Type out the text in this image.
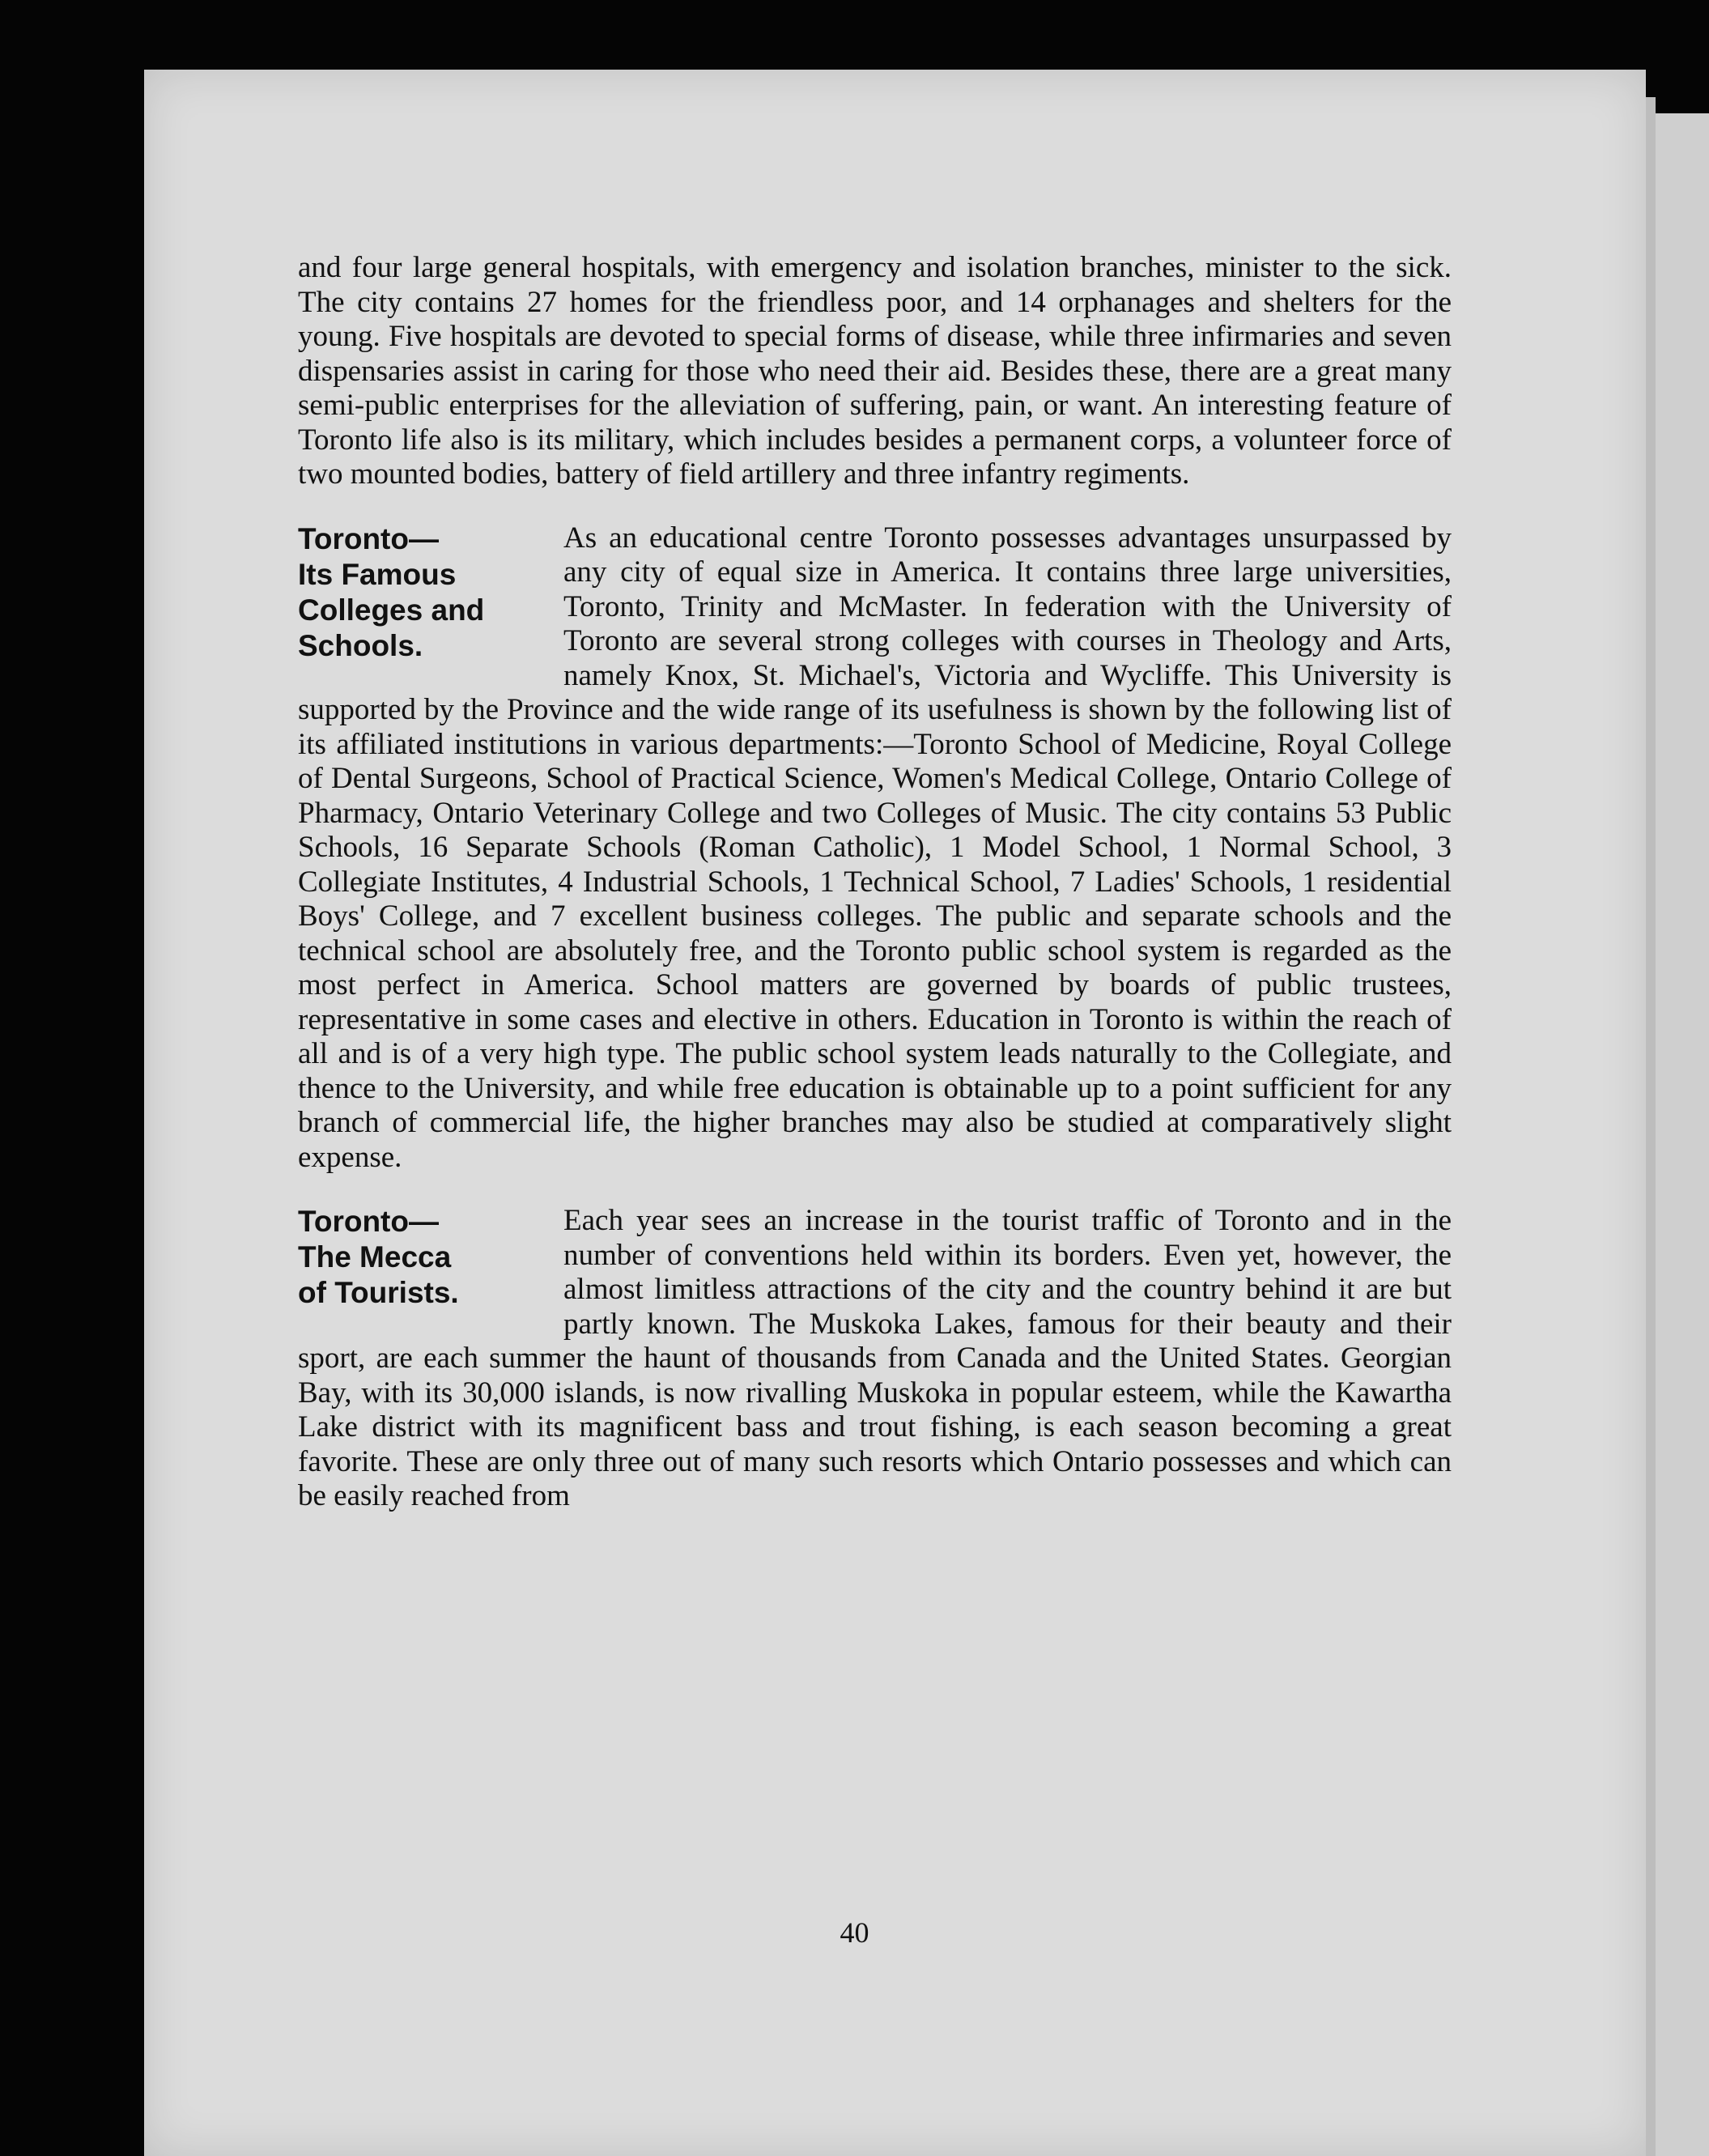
and four large general hospitals, with emergency and isolation branches, minister to the sick. The city contains 27 homes for the friendless poor, and 14 orphanages and shelters for the young. Five hospitals are devoted to special forms of disease, while three infirmaries and seven dispensaries assist in caring for those who need their aid. Besides these, there are a great many semi-public enterprises for the alleviation of suffering, pain, or want. An interesting feature of Toronto life also is its military, which includes besides a permanent corps, a volunteer force of two mounted bodies, battery of field artillery and three infantry regiments.

Toronto—
Its Famous
Colleges and
Schools.

As an educational centre Toronto possesses advantages unsurpassed by any city of equal size in America. It contains three large universities, Toronto, Trinity and McMaster. In federation with the University of Toronto are several strong colleges with courses in Theology and Arts, namely Knox, St. Michael's, Victoria and Wycliffe. This University is supported by the Province and the wide range of its usefulness is shown by the following list of its affiliated institutions in various departments:—Toronto School of Medicine, Royal College of Dental Surgeons, School of Practical Science, Women's Medical College, Ontario College of Pharmacy, Ontario Veterinary College and two Colleges of Music. The city contains 53 Public Schools, 16 Separate Schools (Roman Catholic), 1 Model School, 1 Normal School, 3 Collegiate Institutes, 4 Industrial Schools, 1 Technical School, 7 Ladies' Schools, 1 residential Boys' College, and 7 excellent business colleges. The public and separate schools and the technical school are absolutely free, and the Toronto public school system is regarded as the most perfect in America. School matters are governed by boards of public trustees, representative in some cases and elective in others. Education in Toronto is within the reach of all and is of a very high type. The public school system leads naturally to the Collegiate, and thence to the University, and while free education is obtainable up to a point sufficient for any branch of commercial life, the higher branches may also be studied at comparatively slight expense.

Toronto—
The Mecca
of Tourists.

Each year sees an increase in the tourist traffic of Toronto and in the number of conventions held within its borders. Even yet, however, the almost limitless attractions of the city and the country behind it are but partly known. The Muskoka Lakes, famous for their beauty and their sport, are each summer the haunt of thousands from Canada and the United States. Georgian Bay, with its 30,000 islands, is now rivalling Muskoka in popular esteem, while the Kawartha Lake district with its magnificent bass and trout fishing, is each season becoming a great favorite. These are only three out of many such resorts which Ontario possesses and which can be easily reached from

40
